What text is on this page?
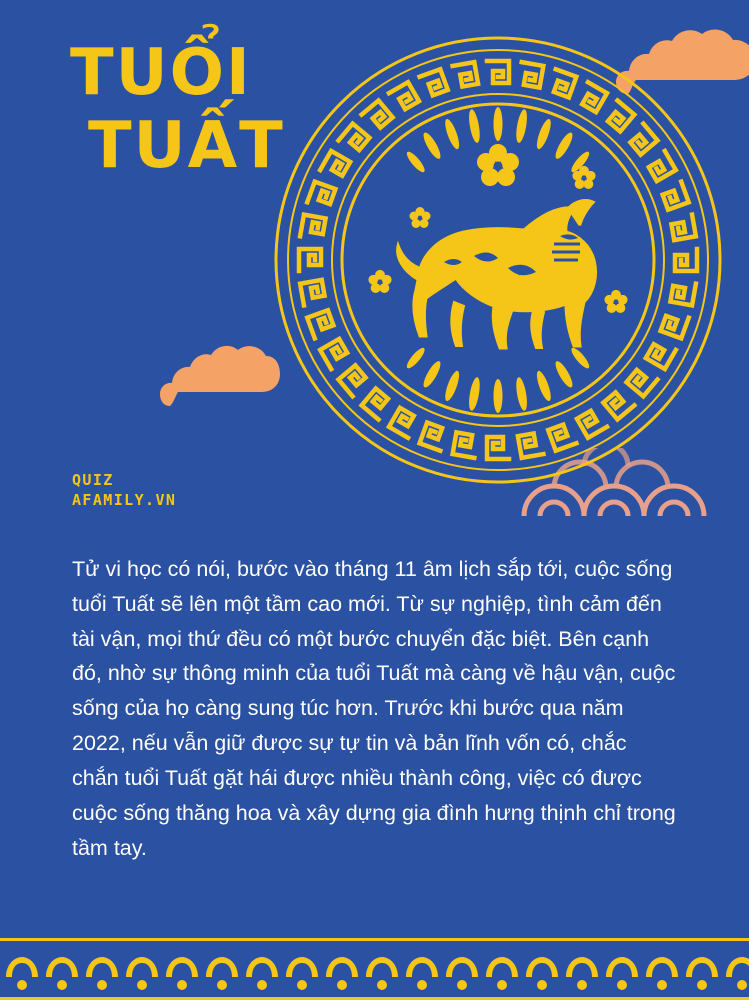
TUỔI
TUẤT
QUIZ
AFAMILY.VN
Tử vi học có nói, bước vào tháng 11 âm lịch sắp tới, cuộc sống tuổi Tuất sẽ lên một tầm cao mới. Từ sự nghiệp, tình cảm đến tài vận, mọi thứ đều có một bước chuyển đặc biệt. Bên cạnh đó, nhờ sự thông minh của tuổi Tuất mà càng về hậu vận, cuộc sống của họ càng sung túc hơn. Trước khi bước qua năm 2022, nếu vẫn giữ được sự tự tin và bản lĩnh vốn có, chắc chắn tuổi Tuất gặt hái được nhiều thành công, việc có được cuộc sống thăng hoa và xây dựng gia đình hưng thịnh chỉ trong tầm tay.
